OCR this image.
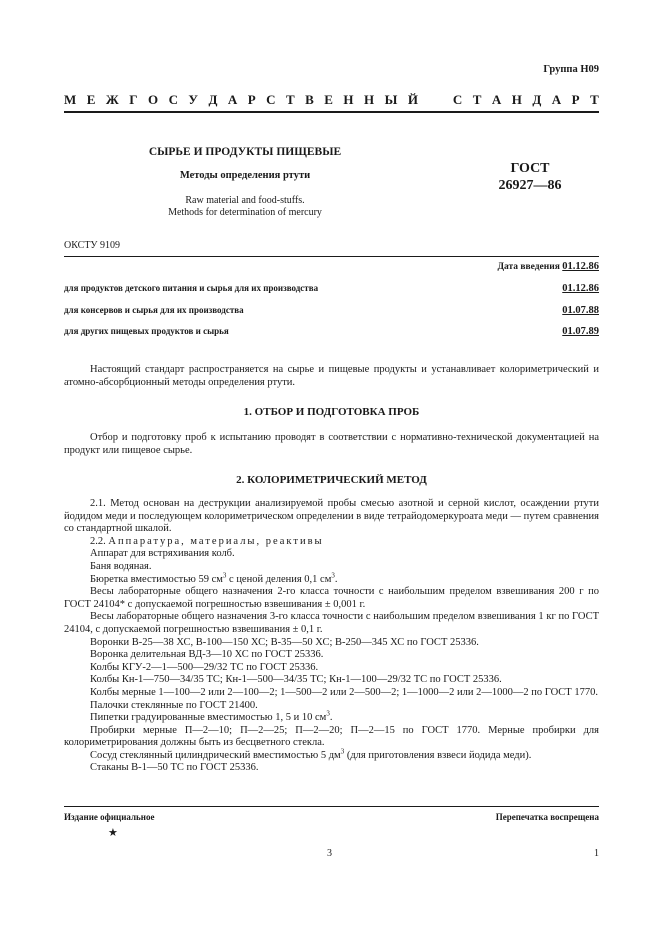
Группа Н09
М Е Ж Г О С У Д А Р С Т В Е Н Н Ы Й	С Т А Н Д А Р Т
СЫРЬЕ И ПРОДУКТЫ ПИЩЕВЫЕ
Методы определения ртути
Raw material and food-stuffs.
Methods for determination of mercury
ГОСТ
26927—86
ОКСТУ 9109
Дата введения 01.12.86
для продуктов детского питания и сырья для их производства	01.12.86
для консервов и сырья для их производства	01.07.88
для других пищевых продуктов и сырья	01.07.89

Настоящий стандарт распространяется на сырье и пищевые продукты и устанавливает колориметрический и атомно-абсорбционный методы определения ртути.

1. ОТБОР И ПОДГОТОВКА ПРОБ

Отбор и подготовку проб к испытанию проводят в соответствии с нормативно-технической документацией на продукт или пищевое сырье.

2. КОЛОРИМЕТРИЧЕСКИЙ МЕТОД

2.1. Метод основан на деструкции анализируемой пробы смесью азотной и серной кислот, осаждении ртути йодидом меди и последующем колориметрическом определении в виде тетрайодомеркуроата меди — путем сравнения со стандартной шкалой.

2.2. Аппаратура, материалы, реактивы

Аппарат для встряхивания колб.

Баня водяная.

Бюретка вместимостью 59 $см^3$ с ценой деления 0,1 $см^3$.

Весы лабораторные общего назначения 2-го класса точности с наибольшим пределом взвешивания 200 г по ГОСТ 24104* с допускаемой погрешностью взвешивания ± 0,001 г.

Весы лабораторные общего назначения 3-го класса точности с наибольшим пределом взвешивания 1 кг по ГОСТ 24104, с допускаемой погрешностью взвешивания ± 0,1 г.

Воронки В-25—38 ХС, В-100—150 ХС; В-35—50 ХС; В-250—345 ХС по ГОСТ 25336.

Воронка делительная ВД-3—10 ХС по ГОСТ 25336.

Колбы КГУ-2—1—500—29/32 ТС по ГОСТ 25336.

Колбы Кн-1—750—34/35 ТС; Кн-1—500—34/35 ТС; Кн-1—100—29/32 ТС по ГОСТ 25336.

Колбы мерные 1—100—2 или 2—100—2; 1—500—2 или 2—500—2; 1—1000—2 или 2—1000—2 по ГОСТ 1770.

Палочки стеклянные по ГОСТ 21400.

Пипетки градуированные вместимостью 1, 5 и 10 $см^3$.

Пробирки мерные П—2—10; П—2—25; П—2—20; П—2—15 по ГОСТ 1770. Мерные пробирки для колориметрирования должны быть из бесцветного стекла.

Сосуд стеклянный цилиндрический вместимостью 5 $дм^3$ (для приготовления взвеси йодида меди).

Стаканы В-1—50 ТС по ГОСТ 25336.

Издание официальное	Перепечатка воспрещена
★
3	1
